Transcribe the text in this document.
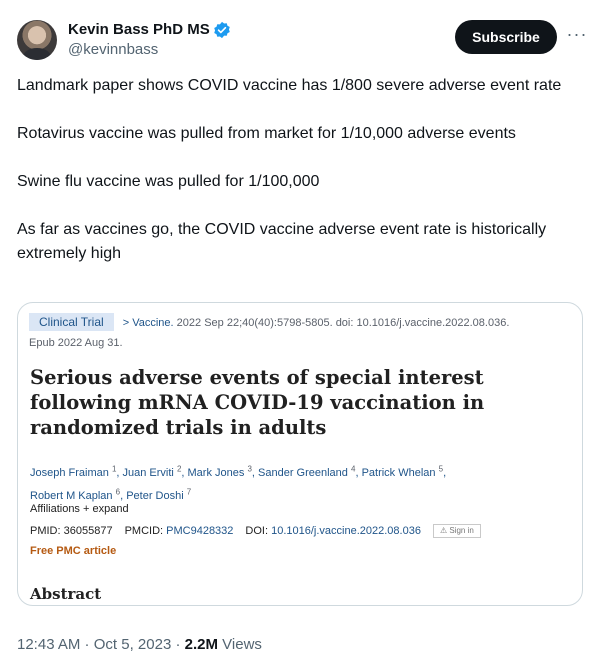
Kevin Bass PhD MS
@kevinnbass
Subscribe	···

Landmark paper shows COVID vaccine has 1/800 severe adverse event rate

Rotavirus vaccine was pulled from market for 1/10,000 adverse events

Swine flu vaccine was pulled for 1/100,000

As far as vaccines go, the COVID vaccine adverse event rate is historically extremely high

Clinical Trial > Vaccine. 2022 Sep 22;40(40):5798-5805. doi: 10.1016/j.vaccine.2022.08.036.
Epub 2022 Aug 31.
Serious adverse events of special interest following mRNA COVID-19 vaccination in randomized trials in adults
Joseph Fraiman $^1$, Juan Erviti $^2$, Mark Jones $^3$, Sander Greenland $^4$, Patrick Whelan $^5$,
Robert M Kaplan $^6$, Peter Doshi $^7$
Affiliations + expand
PMID: 36055877 PMCID: PMC9428332 DOI: 10.1016/j.vaccine.2022.08.036	⚠ Sign in
Free PMC article
Abstract
12:43 AM · Oct 5, 2023 · 2.2M Views
